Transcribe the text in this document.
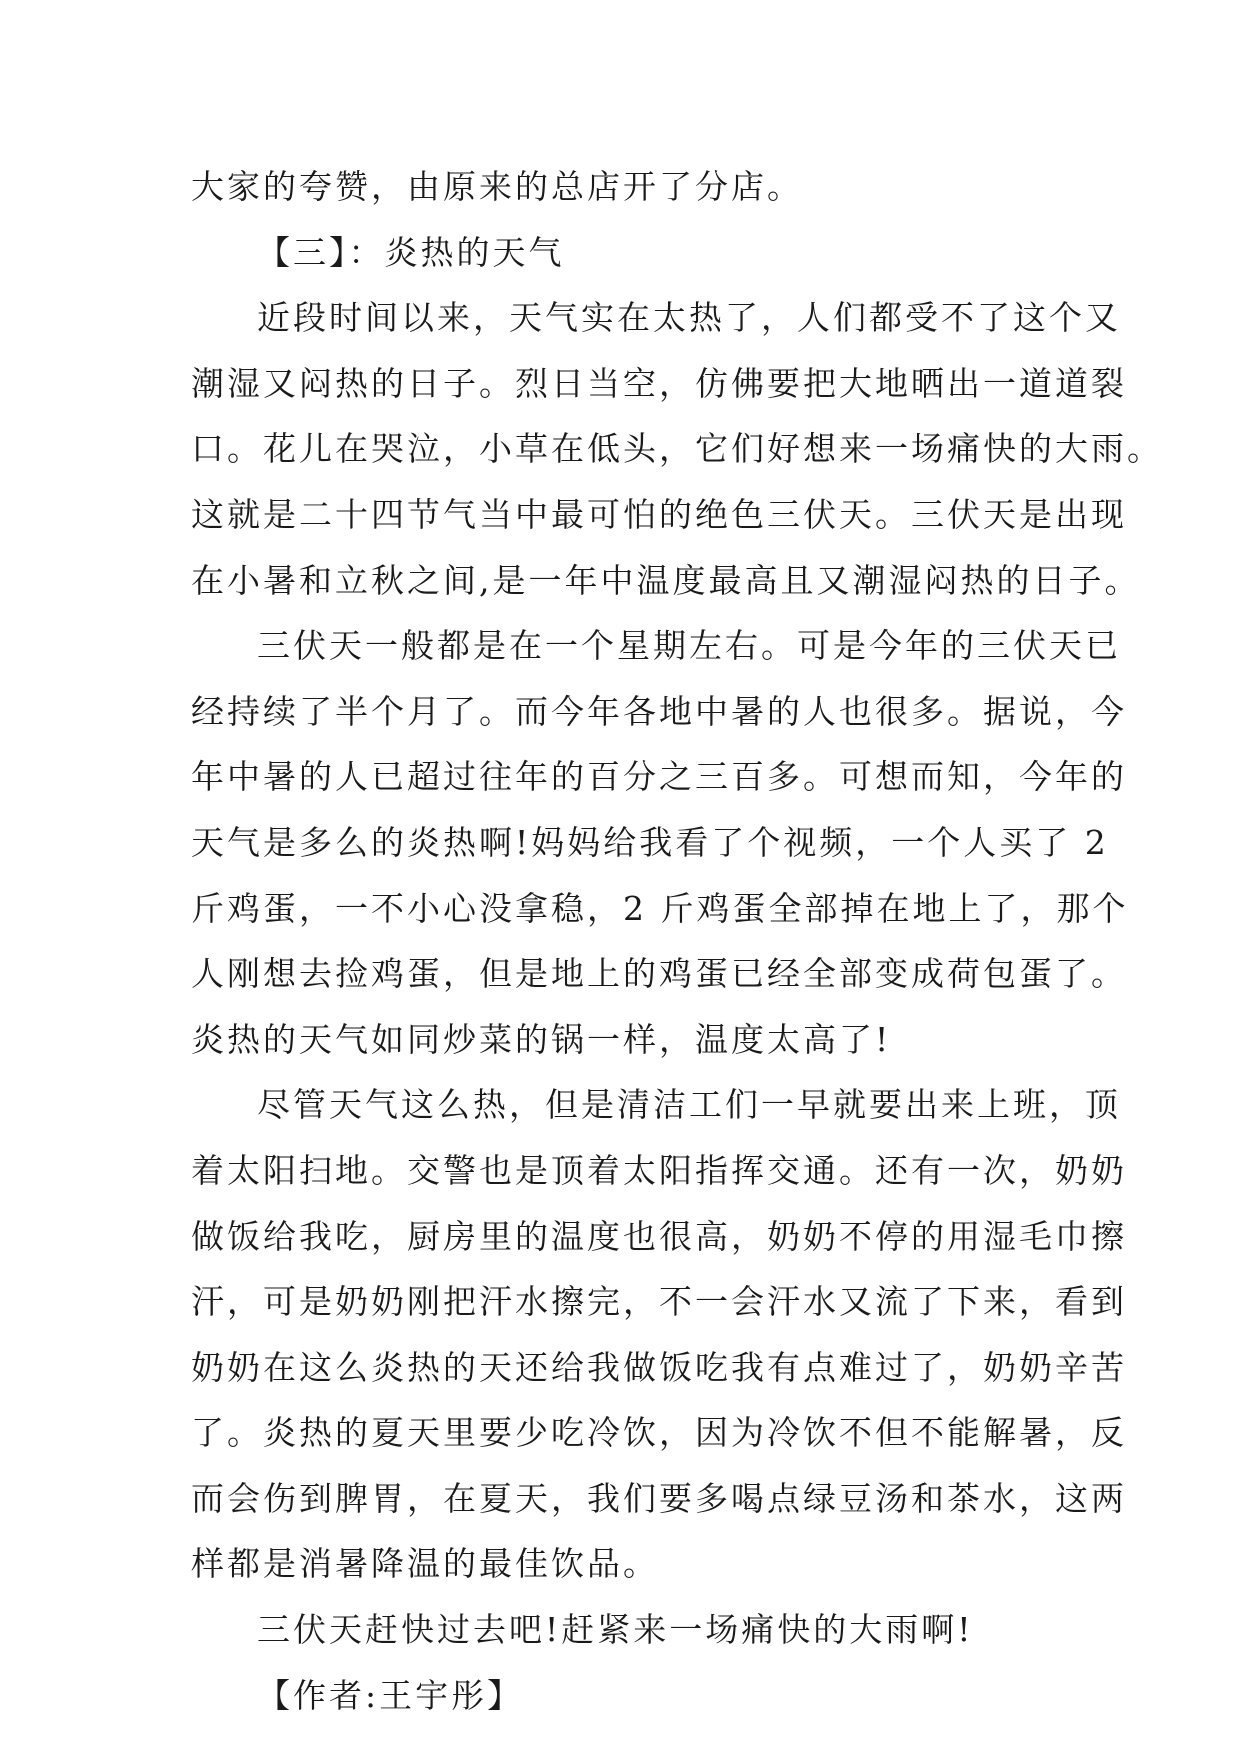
大家的夸赞，由原来的总店开了分店。
【三】：炎热的天气
近段时间以来，天气实在太热了，人们都受不了这个又
潮湿又闷热的日子。烈日当空，仿佛要把大地晒出一道道裂
口。花儿在哭泣，小草在低头，它们好想来一场痛快的大雨。
这就是二十四节气当中最可怕的绝色三伏天。三伏天是出现
在小暑和立秋之间,是一年中温度最高且又潮湿闷热的日子。
三伏天一般都是在一个星期左右。可是今年的三伏天已
经持续了半个月了。而今年各地中暑的人也很多。据说，今
年中暑的人已超过往年的百分之三百多。可想而知，今年的
天气是多么的炎热啊!妈妈给我看了个视频，一个人买了 2
斤鸡蛋，一不小心没拿稳，2 斤鸡蛋全部掉在地上了，那个
人刚想去捡鸡蛋，但是地上的鸡蛋已经全部变成荷包蛋了。
炎热的天气如同炒菜的锅一样，温度太高了!
尽管天气这么热，但是清洁工们一早就要出来上班，顶
着太阳扫地。交警也是顶着太阳指挥交通。还有一次，奶奶
做饭给我吃，厨房里的温度也很高，奶奶不停的用湿毛巾擦
汗，可是奶奶刚把汗水擦完，不一会汗水又流了下来，看到
奶奶在这么炎热的天还给我做饭吃我有点难过了，奶奶辛苦
了。炎热的夏天里要少吃冷饮，因为冷饮不但不能解暑，反
而会伤到脾胃，在夏天，我们要多喝点绿豆汤和茶水，这两
样都是消暑降温的最佳饮品。
三伏天赶快过去吧!赶紧来一场痛快的大雨啊!
【作者:王宇彤】
